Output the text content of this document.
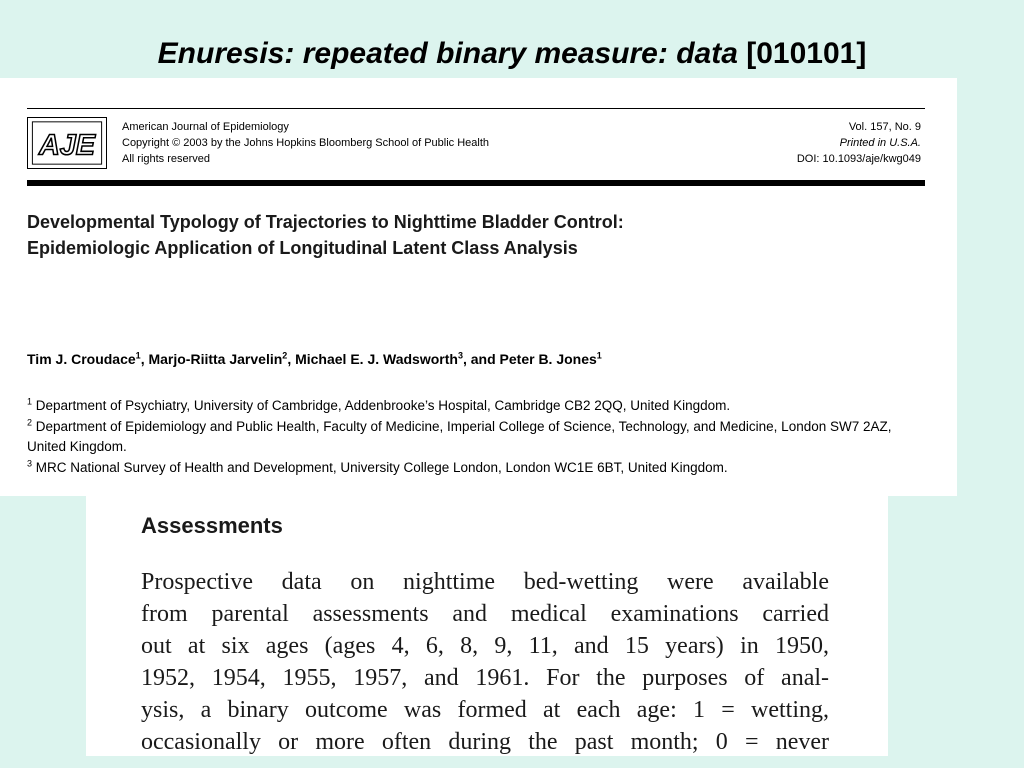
Enuresis: repeated binary measure: data [010101]
AJE
American Journal of Epidemiology
Copyright © 2003 by the Johns Hopkins Bloomberg School of Public Health
All rights reserved
Vol. 157, No. 9
Printed in U.S.A.
DOI: 10.1093/aje/kwg049
Developmental Typology of Trajectories to Nighttime Bladder Control:
Epidemiologic Application of Longitudinal Latent Class Analysis
Tim J. Croudace$^1$, Marjo-Riitta Jarvelin$^2$, Michael E. J. Wadsworth$^3$, and Peter B. Jones$^1$

$^1$ Department of Psychiatry, University of Cambridge, Addenbrooke’s Hospital, Cambridge CB2 2QQ, United Kingdom.

$^2$ Department of Epidemiology and Public Health, Faculty of Medicine, Imperial College of Science, Technology, and Medicine, London SW7 2AZ, United Kingdom.

$^3$ MRC National Survey of Health and Development, University College London, London WC1E 6BT, United Kingdom.

Assessments
Prospective data on nighttime bed-wetting were available
from parental assessments and medical examinations carried
out at six ages (ages 4, 6, 8, 9, 11, and 15 years) in 1950,
1952, 1954, 1955, 1957, and 1961. For the purposes of anal-
ysis, a binary outcome was formed at each age: 1 = wetting,
occasionally or more often during the past month; 0 = never
